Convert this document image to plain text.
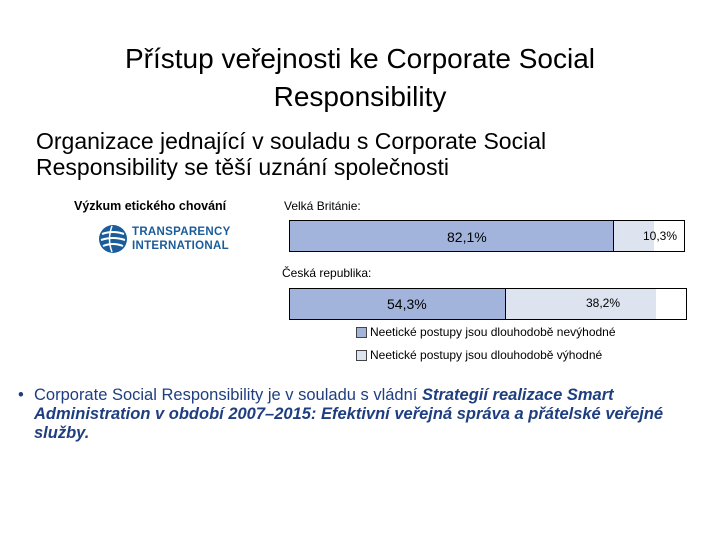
Přístup veřejnosti ke Corporate Social
Responsibility
Organizace jednající v souladu s Corporate Social
Responsibility se těší uznání společnosti
Výzkum etického chování
TRANSPARENCY
INTERNATIONAL
Velká Británie:
82,1%	10,3%
Česká republika:
54,3%	38,2%
Neetické postupy jsou dlouhodobě nevýhodné
Neetické postupy jsou dlouhodobě výhodné
• Corporate Social Responsibility je v souladu s vládní Strategií realizace Smart Administration v období 2007–2015: Efektivní veřejná správa a přátelské veřejné služby.
